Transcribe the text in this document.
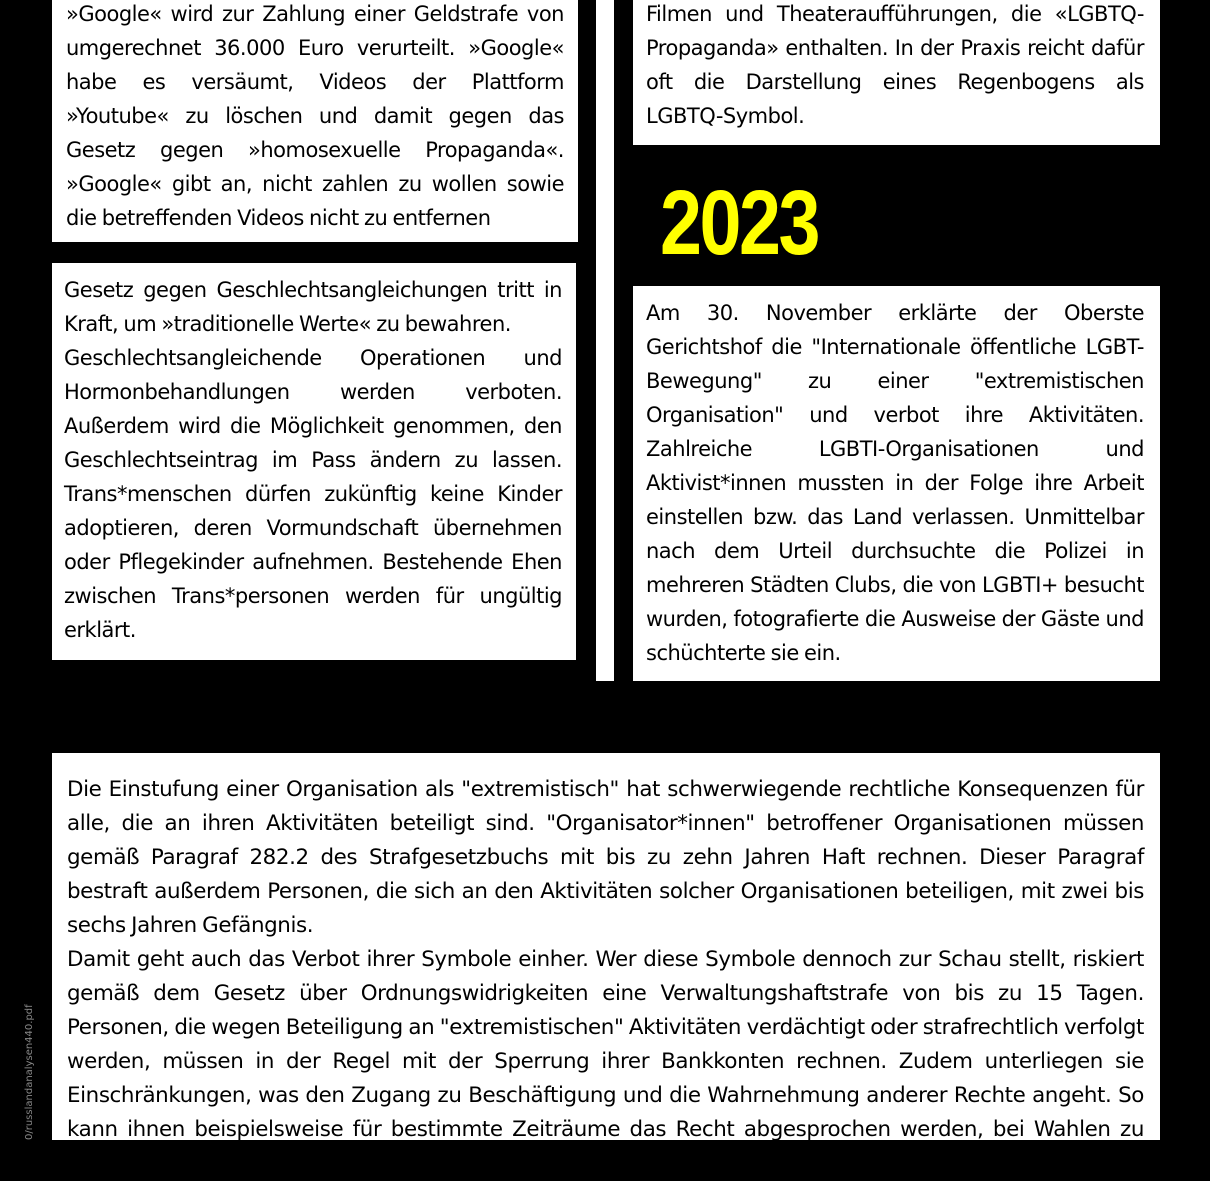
»Google« wird zur Zahlung einer Geldstrafe von umgerechnet 36.000 Euro verurteilt. »Google« habe es versäumt, Videos der Plattform »Youtube« zu löschen und damit gegen das Gesetz gegen »homosexuelle Propaganda«. »Google« gibt an, nicht zahlen zu wollen sowie die betreffenden Videos nicht zu entfernen

Filmen und Theateraufführungen, die «LGBTQ-Propaganda» enthalten. In der Praxis reicht dafür oft die Darstellung eines Regenbogens als LGBTQ-Symbol.

Gesetz gegen Geschlechtsangleichungen tritt in Kraft, um »traditionelle Werte« zu bewahren.

Geschlechtsangleichende Operationen und Hormonbehandlungen werden verboten. Außerdem wird die Möglichkeit genommen, den Geschlechtseintrag im Pass ändern zu lassen. Trans*menschen dürfen zukünftig keine Kinder adoptieren, deren Vormundschaft übernehmen oder Pflegekinder aufnehmen. Bestehende Ehen zwischen Trans*personen werden für ungültig erklärt.

2023

Am 30. November erklärte der Oberste Gerichtshof die "Internationale öffentliche LGBT-Bewegung" zu einer "extremistischen Organisation" und verbot ihre Aktivitäten. Zahlreiche LGBTI-Organisationen und Aktivist*innen mussten in der Folge ihre Arbeit einstellen bzw. das Land verlassen. Unmittelbar nach dem Urteil durchsuchte die Polizei in mehreren Städten Clubs, die von LGBTI+ besucht wurden, fotografierte die Ausweise der Gäste und schüchterte sie ein.

Die Einstufung einer Organisation als "extremistisch" hat schwerwiegende rechtliche Konsequenzen für alle, die an ihren Aktivitäten beteiligt sind. "Organisator*innen" betroffener Organisationen müssen gemäß Paragraf 282.2 des Strafgesetzbuchs mit bis zu zehn Jahren Haft rechnen. Dieser Paragraf bestraft außerdem Personen, die sich an den Aktivitäten solcher Organisationen beteiligen, mit zwei bis sechs Jahren Gefängnis.

Damit geht auch das Verbot ihrer Symbole einher. Wer diese Symbole dennoch zur Schau stellt, riskiert gemäß dem Gesetz über Ordnungswidrigkeiten eine Verwaltungshaftstrafe von bis zu 15 Tagen. Personen, die wegen Beteiligung an "extremistischen" Aktivitäten verdächtigt oder strafrechtlich verfolgt werden, müssen in der Regel mit der Sperrung ihrer Bankkonten rechnen. Zudem unterliegen sie Einschränkungen, was den Zugang zu Beschäftigung und die Wahrnehmung anderer Rechte angeht. So kann ihnen beispielsweise für bestimmte Zeiträume das Recht abgesprochen werden, bei Wahlen zu kandidieren.

0/russlandanalysen440.pdf
